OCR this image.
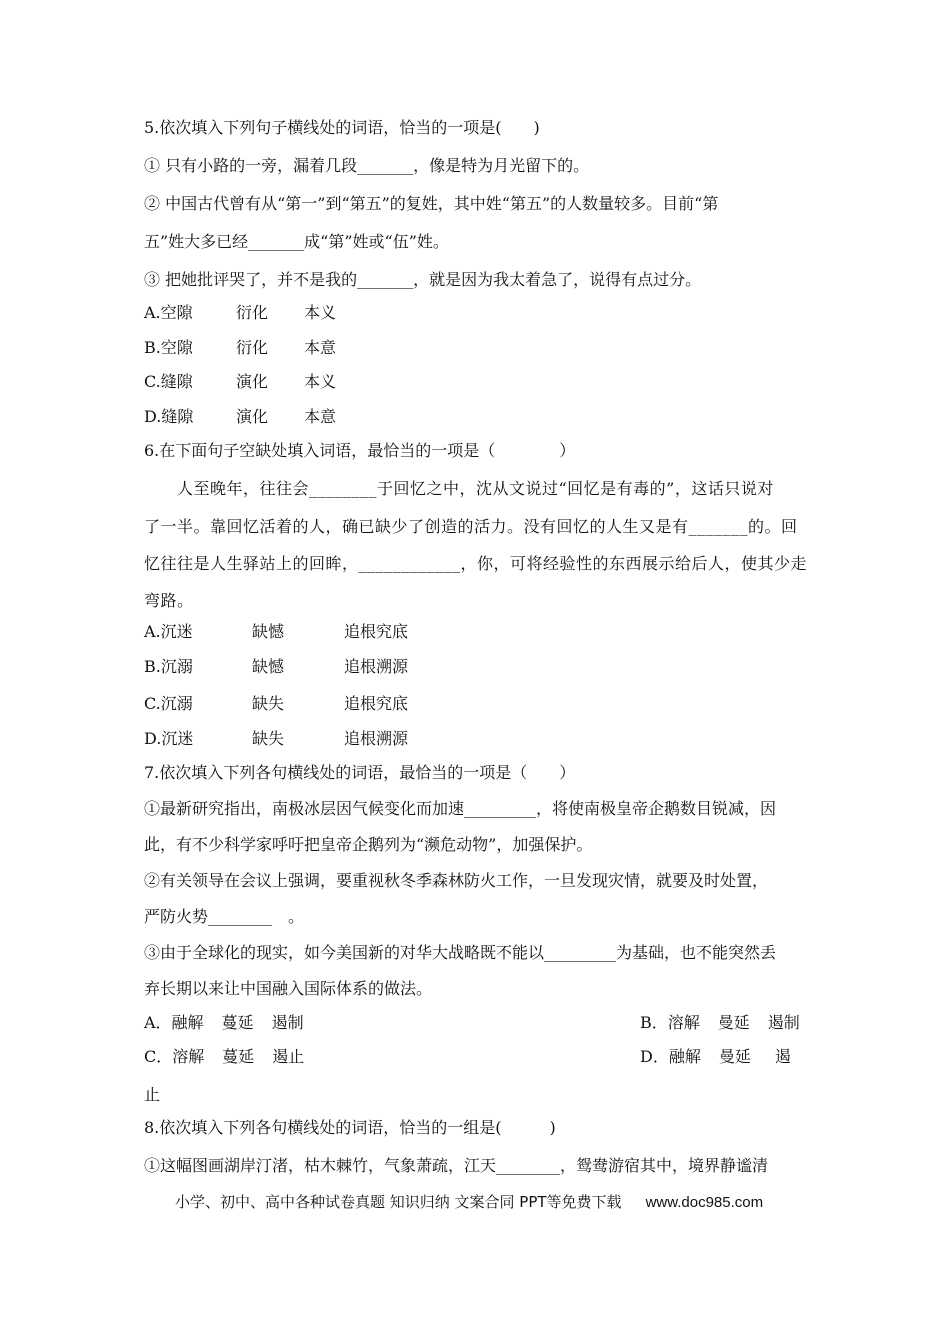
5.依次填入下列句子横线处的词语，恰当的一项是(　　)
① 只有小路的一旁，漏着几段_______，像是特为月光留下的。
② 中国古代曾有从“第一”到“第五”的复姓，其中姓“第五”的人数量较多。目前“第
五”姓大多已经_______成“第”姓或“伍”姓。
③ 把她批评哭了，并不是我的_______，就是因为我太着急了，说得有点过分。
A.空隙	衍化 本义
B.空隙	衍化 本意
C.缝隙	演化 本义
D.缝隙	演化 本意
6.在下面句子空缺处填入词语，最恰当的一项是（　　　　）
　　人至晚年，往往会________于回忆之中，沈从文说过“回忆是有毒的”，这话只说对
了一半。靠回忆活着的人，确已缺少了创造的活力。没有回忆的人生又是有_______的。回
忆往往是人生驿站上的回眸，____________，你，可将经验性的东西展示给后人，使其少走
弯路。
A.沉迷	缺憾	追根究底
B.沉溺	缺憾	追根溯源
C.沉溺	缺失	追根究底
D.沉迷	缺失	追根溯源
7.依次填入下列各句横线处的词语，最恰当的一项是（　　）
①最新研究指出，南极冰层因气候变化而加速_________，将使南极皇帝企鹅数目锐减，因
此，有不少科学家呼吁把皇帝企鹅列为“濒危动物”，加强保护。
②有关领导在会议上强调，要重视秋冬季森林防火工作，一旦发现灾情，就要及时处置，
严防火势________　。
③由于全球化的现实，如今美国新的对华大战略既不能以_________为基础，也不能突然丢
弃长期以来让中国融入国际体系的做法。
A．融解 蔓延 遏制	B．溶解 曼延 遏制
C．溶解 蔓延 遏止	D．融解 曼延 遏
止
8.依次填入下列各句横线处的词语，恰当的一组是(　　　)
①这幅图画湖岸汀渚，枯木棘竹，气象萧疏，江天________，鸳鸯游宿其中，境界静谧清
小学、初中、高中各种试卷真题 知识归纳 文案合同 PPT等免费下载 www.doc985.com
